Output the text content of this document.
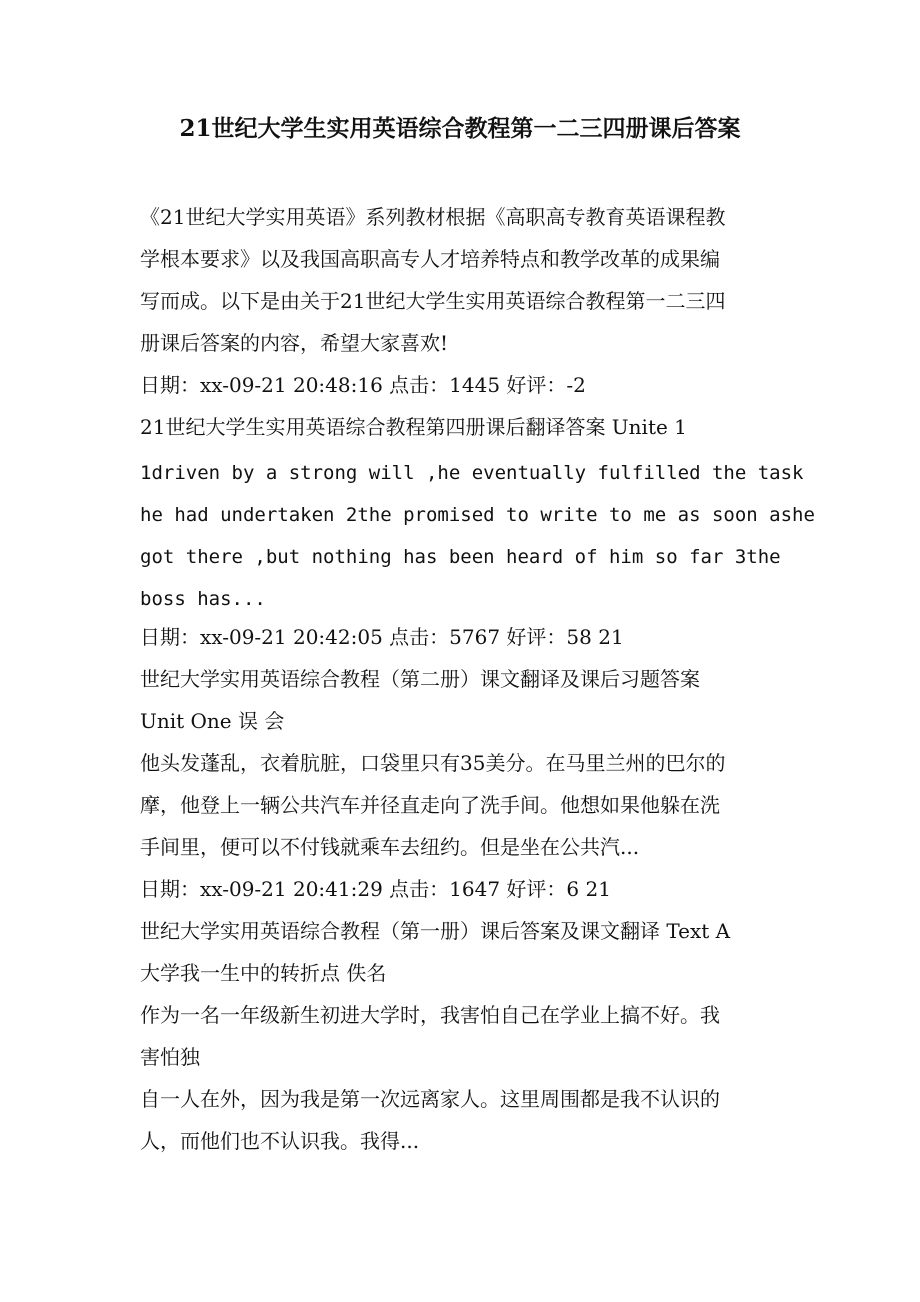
21世纪大学生实用英语综合教程第一二三四册课后答案
《21世纪大学实用英语》系列教材根据《高职高专教育英语课程教
学根本要求》以及我国高职高专人才培养特点和教学改革的成果编
写而成。以下是由关于21世纪大学生实用英语综合教程第一二三四
册课后答案的内容，希望大家喜欢!
日期：xx-09-21 20:48:16 点击：1445 好评：-2
21世纪大学生实用英语综合教程第四册课后翻译答案 Unite 1
1driven by a strong will ,he eventually fulfilled the task
he had undertaken 2the promised to write to me as soon ashe
got there ,but nothing has been heard of him so far 3the
boss has...
日期：xx-09-21 20:42:05 点击：5767 好评：58 21
世纪大学实用英语综合教程（第二册）课文翻译及课后习题答案
Unit One 误 会
他头发蓬乱，衣着肮脏，口袋里只有35美分。在马里兰州的巴尔的
摩，他登上一辆公共汽车并径直走向了洗手间。他想如果他躲在洗
手间里，便可以不付钱就乘车去纽约。但是坐在公共汽...
日期：xx-09-21 20:41:29 点击：1647 好评：6 21
世纪大学实用英语综合教程（第一册）课后答案及课文翻译 Text A
大学我一生中的转折点 佚名
作为一名一年级新生初进大学时，我害怕自己在学业上搞不好。我
害怕独
自一人在外，因为我是第一次远离家人。这里周围都是我不认识的
人，而他们也不认识我。我得...
